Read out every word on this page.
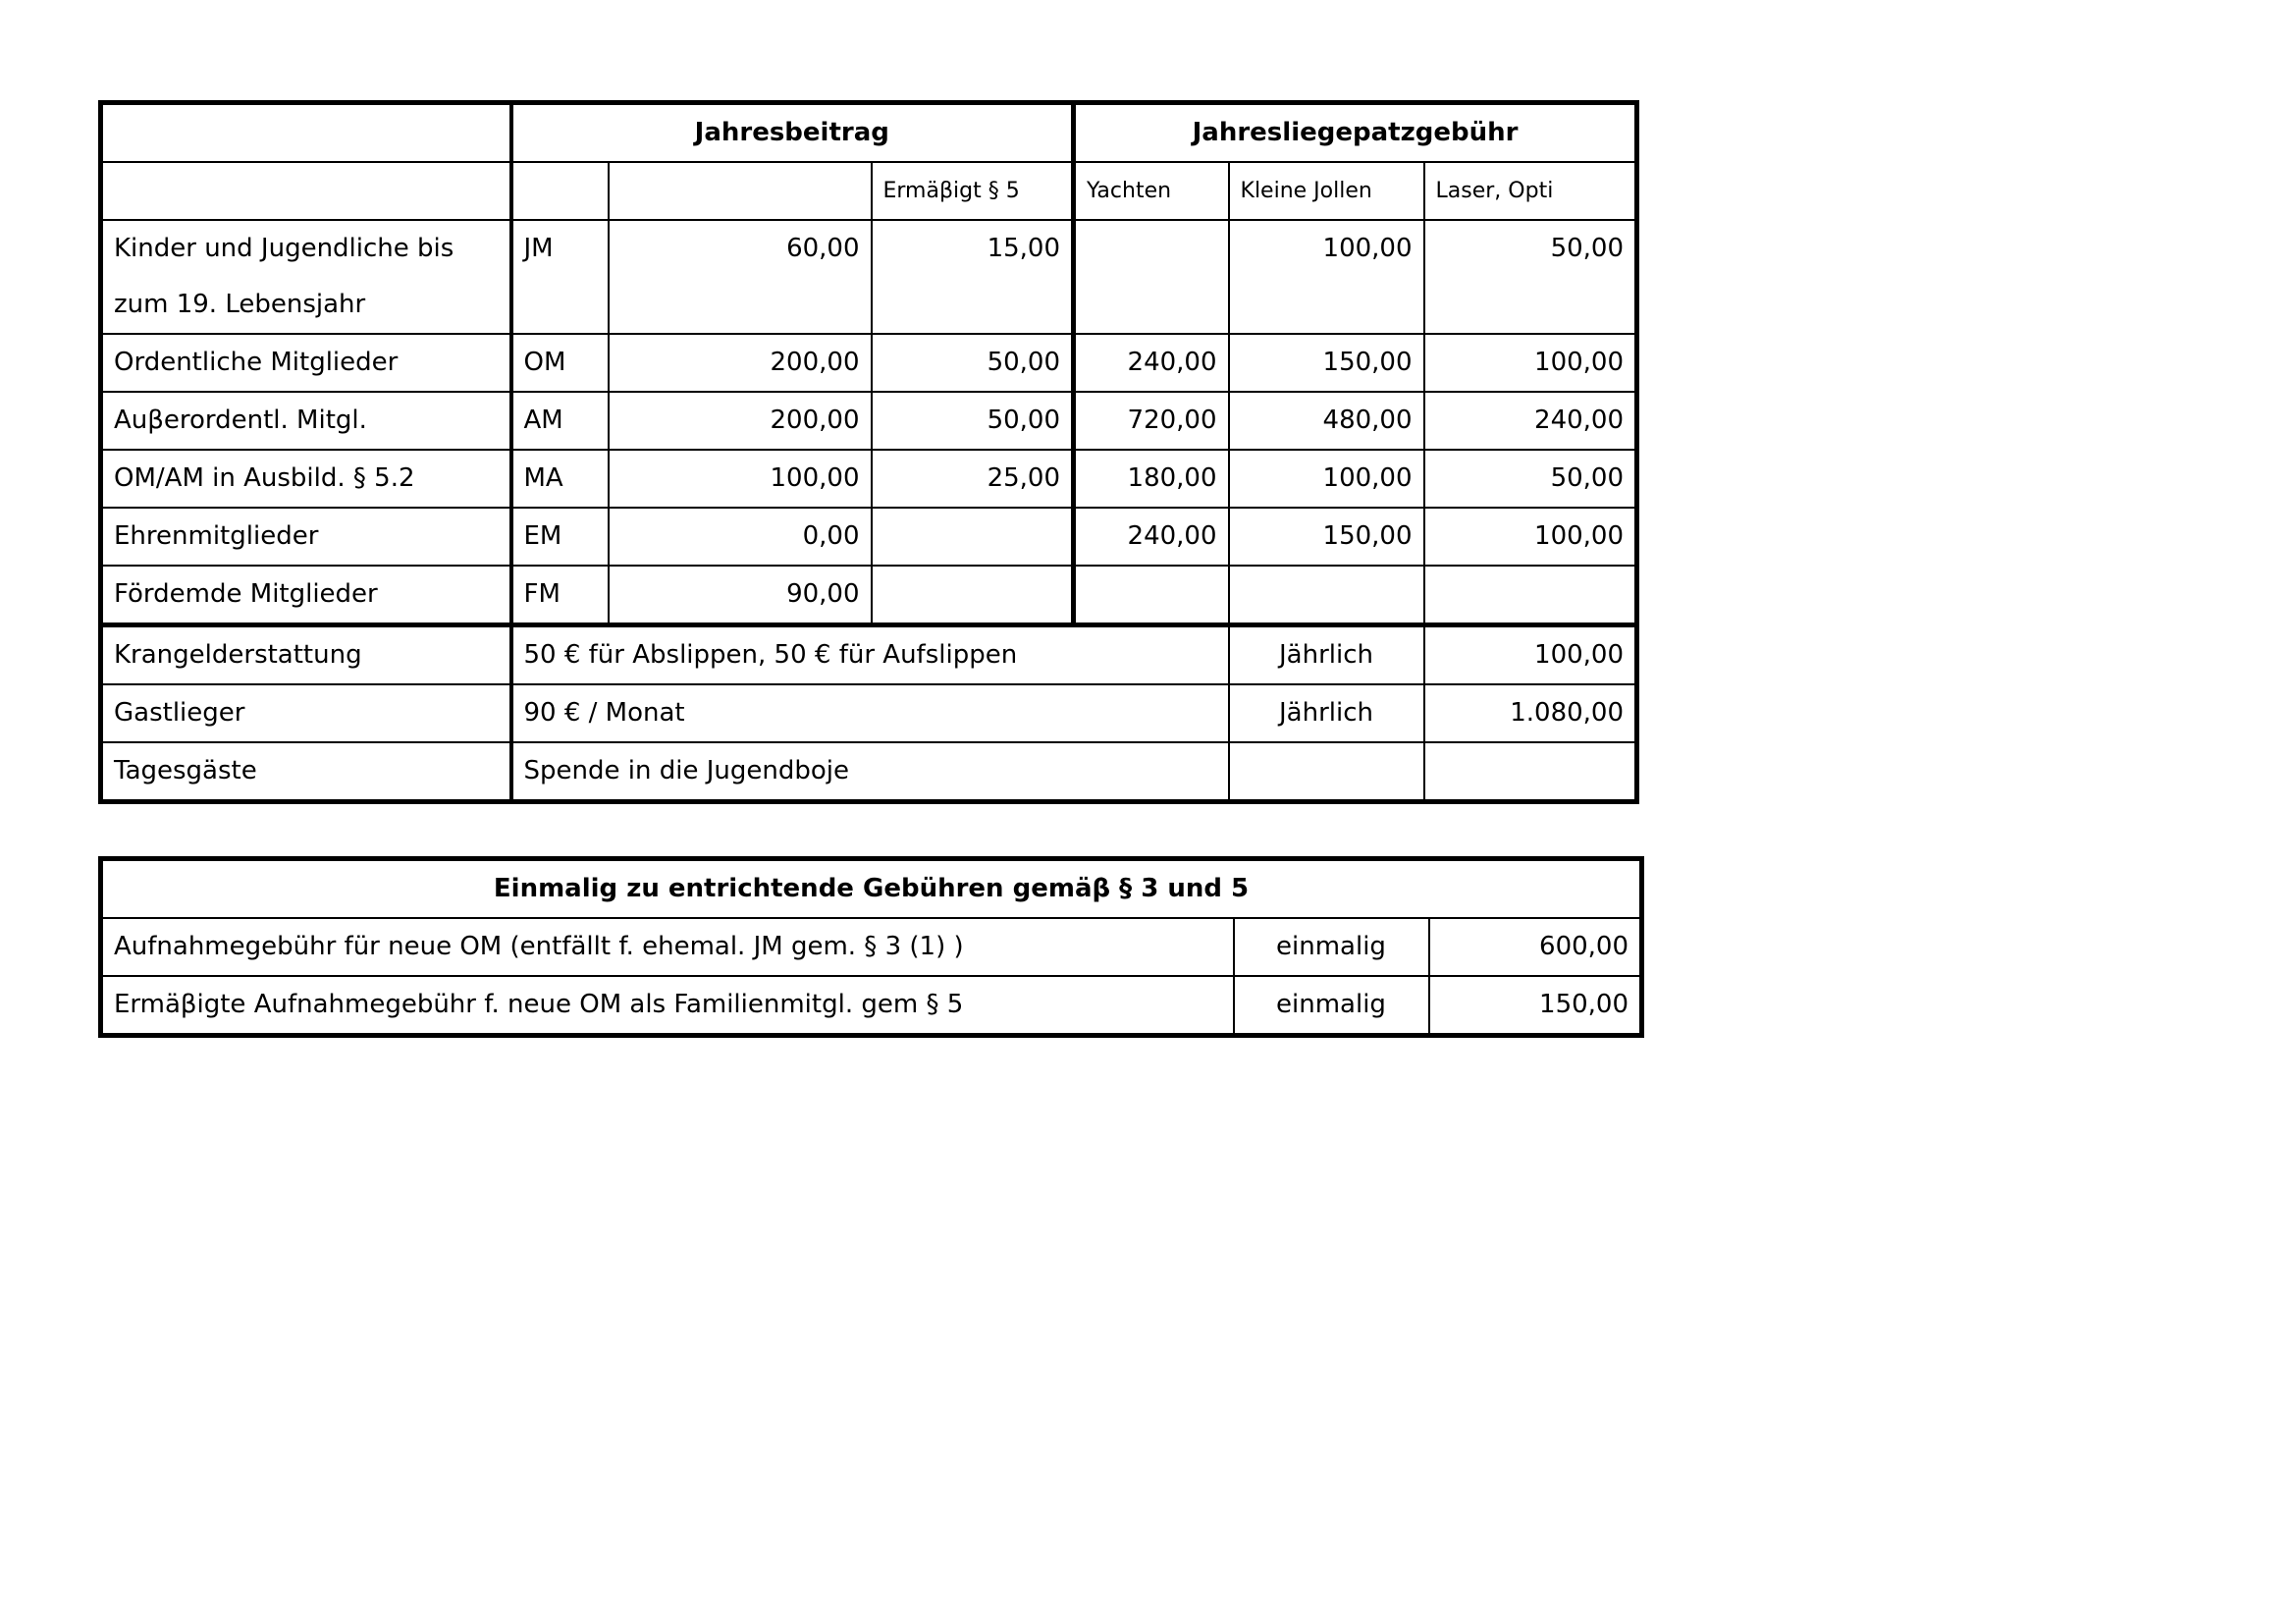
	Jahresbeitrag			Jahresliegepatzgebühr		
			Ermäβigt § 5	Yachten	Kleine Jollen	Laser, Opti

Kinder und Jugendliche bis
zum 19. Lebensjahr	JM	60,00	15,00		100,00	50,00
Ordentliche Mitglieder	OM	200,00	50,00	240,00	150,00	100,00
Auβerordentl. Mitgl.	AM	200,00	50,00	720,00	480,00	240,00
OM/AM in Ausbild. § 5.2	MA	100,00	25,00	180,00	100,00	50,00
Ehrenmitglieder	EM	0,00		240,00	150,00	100,00
Fördemde Mitglieder	FM	90,00				
Krangelderstattung	50 € für Abslippen, 50 € für Aufslippen				Jährlich	100,00
Gastlieger	90 € / Monat				Jährlich	1.080,00
Tagesgäste	Spende in die Jugendboje					
Einmalig zu entrichtende Gebühren gemäβ § 3 und 5		
Aufnahmegebühr für neue OM (entfällt f. ehemal. JM gem. § 3 (1) )	einmalig	600,00
Ermäβigte Aufnahmegebühr f. neue OM als Familienmitgl. gem § 5	einmalig	150,00
